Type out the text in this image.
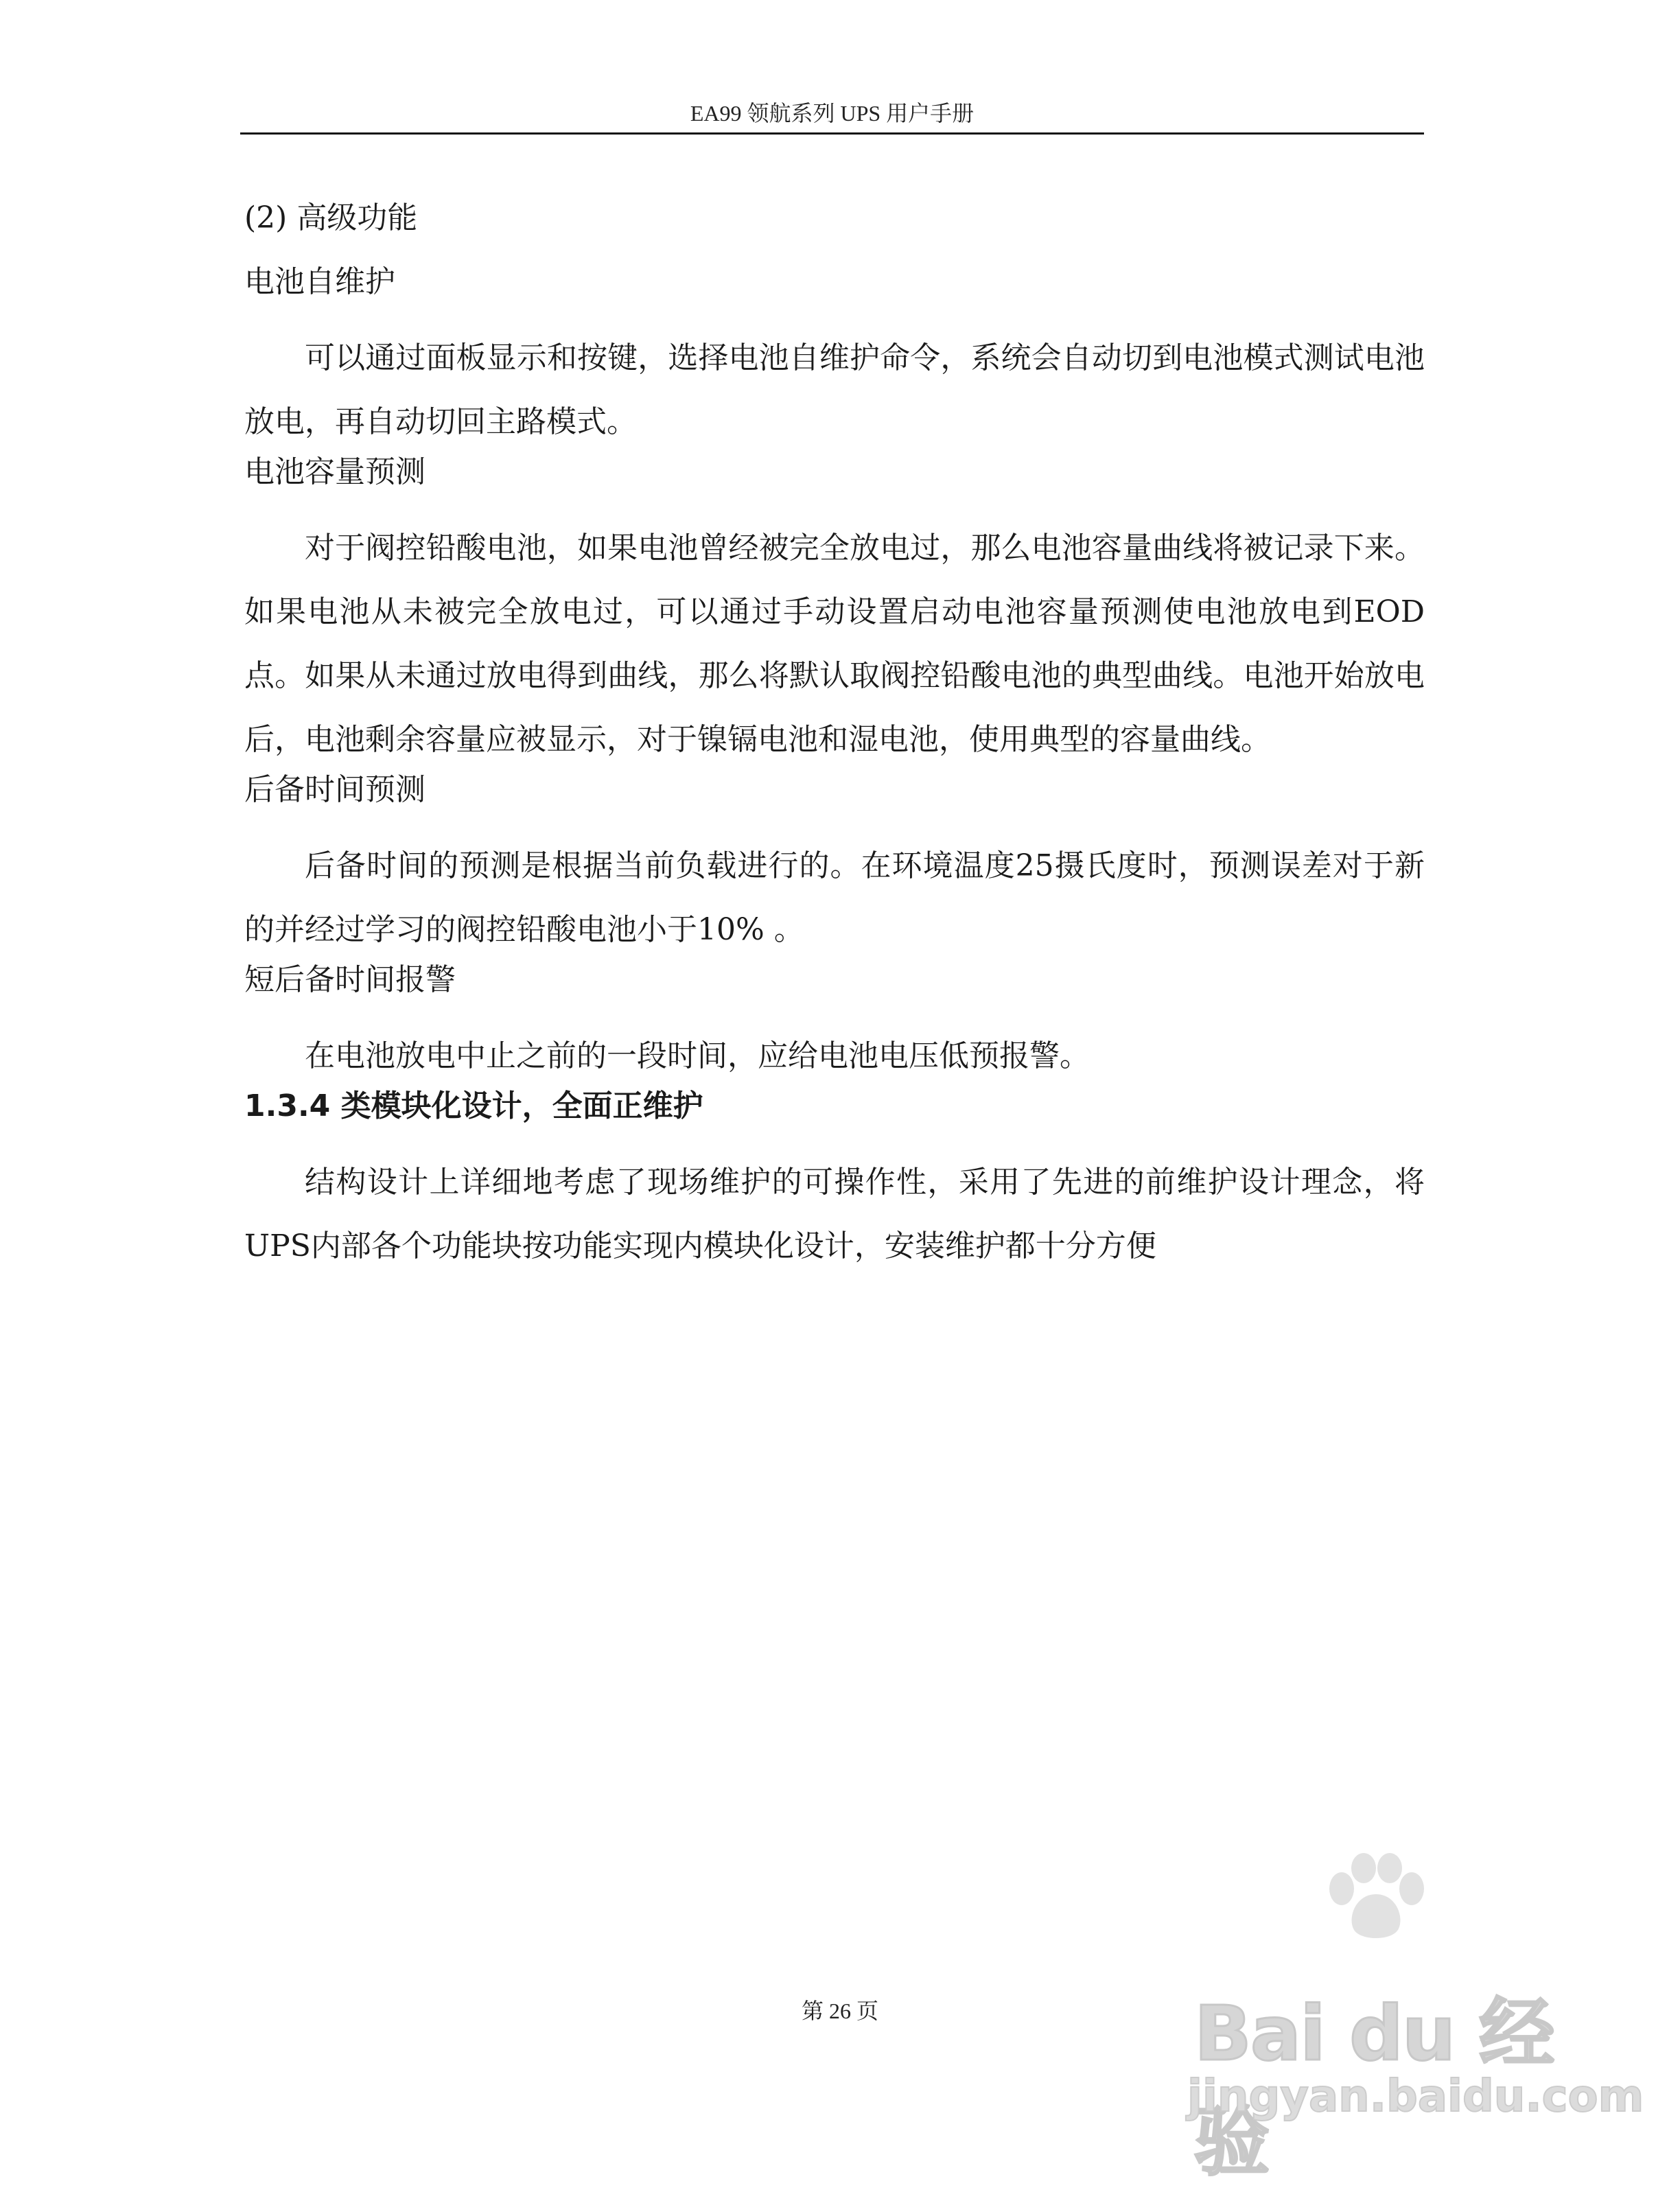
EA99 领航系列 UPS 用户手册
(2) 高级功能
电池自维护

可以通过面板显示和按键，选择电池自维护命令，系统会自动切到电池模式测试电池放电，再自动切回主路模式。

电池容量预测

对于阀控铅酸电池，如果电池曾经被完全放电过，那么电池容量曲线将被记录下来。如果电池从未被完全放电过，可以通过手动设置启动电池容量预测使电池放电到EOD点。如果从未通过放电得到曲线，那么将默认取阀控铅酸电池的典型曲线。电池开始放电后，电池剩余容量应被显示，对于镍镉电池和湿电池，使用典型的容量曲线。

后备时间预测

后备时间的预测是根据当前负载进行的。在环境温度25摄氏度时，预测误差对于新的并经过学习的阀控铅酸电池小于10% 。

短后备时间报警

在电池放电中止之前的一段时间，应给电池电压低预报警。

1.3.4 类模块化设计，全面正维护

结构设计上详细地考虑了现场维护的可操作性，采用了先进的前维护设计理念，将UPS内部各个功能块按功能实现内模块化设计，安装维护都十分方便

Bai du 经验
jingyan.baidu.com
第 26 页
